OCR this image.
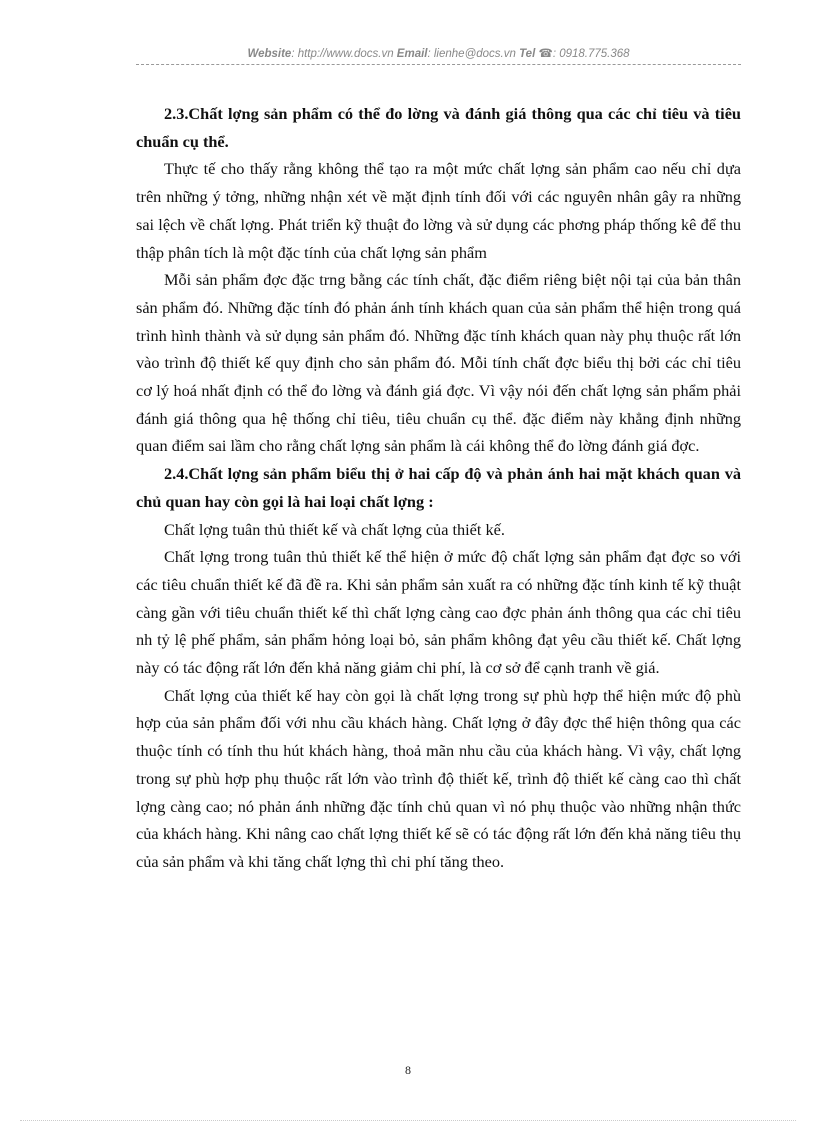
Website: http://www.docs.vn Email: lienhe@docs.vn Tel ☎: 0918.775.368
2.3.Chất lợng sản phẩm có thể đo lờng và đánh giá thông qua các chỉ tiêu và tiêu chuẩn cụ thể.

Thực tế cho thấy rằng không thể tạo ra một mức chất lợng sản phẩm cao nếu chỉ dựa trên những ý tởng, những nhận xét về mặt định tính đối với các nguyên nhân gây ra những sai lệch về chất lợng. Phát triển kỹ thuật đo lờng và sử dụng các phơng pháp thống kê để thu thập phân tích là một đặc tính của chất lợng sản phẩm

Mỗi sản phẩm đợc đặc trng bằng các tính chất, đặc điểm riêng biệt nội tại của bản thân sản phẩm đó. Những đặc tính đó phản ánh tính khách quan của sản phẩm thể hiện trong quá trình hình thành và sử dụng sản phẩm đó. Những đặc tính khách quan này phụ thuộc rất lớn vào trình độ thiết kế quy định cho sản phẩm đó. Mỗi tính chất đợc biểu thị bởi các chỉ tiêu cơ lý hoá nhất định có thể đo lờng và đánh giá đợc. Vì vậy nói đến chất lợng sản phẩm phải đánh giá thông qua hệ thống chỉ tiêu, tiêu chuẩn cụ thể. đặc điểm này khẳng định những quan điểm sai lầm cho rằng chất lợng sản phẩm là cái không thể đo lờng đánh giá đợc.

2.4.Chất lợng sản phẩm biểu thị ở hai cấp độ và phản ánh hai mặt khách quan và chủ quan hay còn gọi là hai loại chất lợng :

Chất lợng tuân thủ thiết kế và chất lợng của thiết kế.

Chất lợng trong tuân thủ thiết kế thể hiện ở mức độ chất lợng sản phẩm đạt đợc so với các tiêu chuẩn thiết kế đã đề ra. Khi sản phẩm sản xuất ra có những đặc tính kinh tế kỹ thuật càng gần với tiêu chuẩn thiết kế thì chất lợng càng cao đợc phản ánh thông qua các chỉ tiêu nh tỷ lệ phế phẩm, sản phẩm hỏng loại bỏ, sản phẩm không đạt yêu cầu thiết kế. Chất lợng này có tác động rất lớn đến khả năng giảm chi phí, là cơ sở để cạnh tranh về giá.

Chất lợng của thiết kế hay còn gọi là chất lợng trong sự phù hợp thể hiện mức độ phù hợp của sản phẩm đối với nhu cầu khách hàng. Chất lợng ở đây đợc thể hiện thông qua các thuộc tính có tính thu hút khách hàng, thoả mãn nhu cầu của khách hàng. Vì vậy, chất lợng trong sự phù hợp phụ thuộc rất lớn vào trình độ thiết kế, trình độ thiết kế càng cao thì chất lợng càng cao; nó phản ánh những đặc tính chủ quan vì nó phụ thuộc vào những nhận thức của khách hàng. Khi nâng cao chất lợng thiết kế sẽ có tác động rất lớn đến khả năng tiêu thụ của sản phẩm và khi tăng chất lợng thì chi phí tăng theo.

8
